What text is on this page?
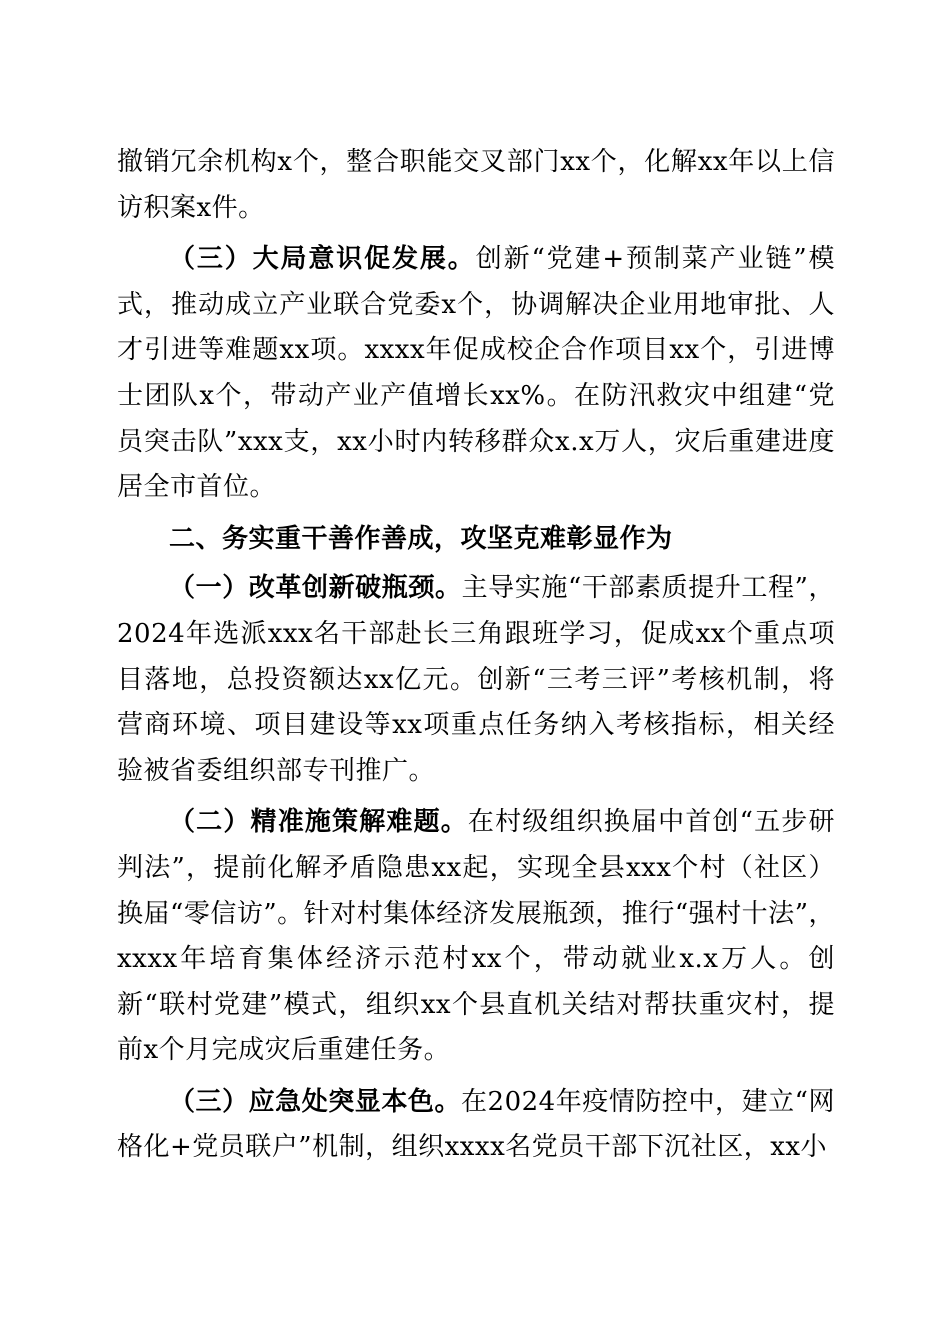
撤销冗余机构x个，整合职能交叉部门xx个，化解xx年以上信访积案x件。

（三）大局意识促发展。创新“党建+预制菜产业链”模式，推动成立产业联合党委x个，协调解决企业用地审批、人才引进等难题xx项。xxxx年促成校企合作项目xx个，引进博士团队x个，带动产业产值增长xx%。在防汛救灾中组建“党员突击队”xxx支，xx小时内转移群众x.x万人，灾后重建进度居全市首位。

二、务实重干善作善成，攻坚克难彰显作为

（一）改革创新破瓶颈。主导实施“干部素质提升工程”，2024年选派xxx名干部赴长三角跟班学习，促成xx个重点项目落地，总投资额达xx亿元。创新“三考三评”考核机制，将营商环境、项目建设等xx项重点任务纳入考核指标，相关经验被省委组织部专刊推广。

（二）精准施策解难题。在村级组织换届中首创“五步研判法”，提前化解矛盾隐患xx起，实现全县xxx个村（社区）换届“零信访”。针对村集体经济发展瓶颈，推行“强村十法”，xxxx年培育集体经济示范村xx个，带动就业x.x万人。创新“联村党建”模式，组织xx个县直机关结对帮扶重灾村，提前x个月完成灾后重建任务。

（三）应急处突显本色。在2024年疫情防控中，建立“网格化+党员联户”机制，组织xxxx名党员干部下沉社区，xx小
